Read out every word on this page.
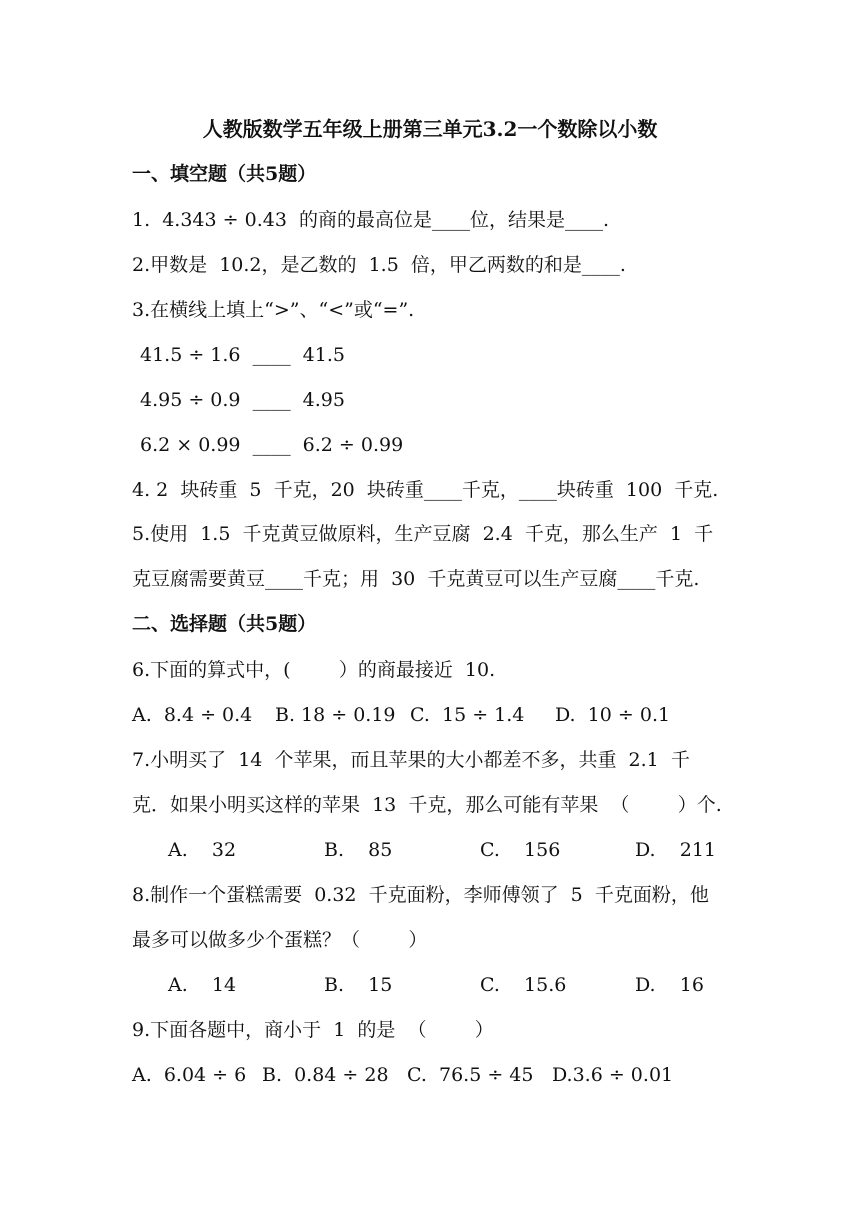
人教版数学五年级上册第三单元3.2一个数除以小数
一、填空题（共5题）
1.  4.343 ÷ 0.43  的商的最高位是____位，结果是____.
2.甲数是  10.2，是乙数的  1.5  倍，甲乙两数的和是____.
3.在横线上填上“>”、“<”或“=”.
41.5 ÷ 1.6  ____  41.5
4.95 ÷ 0.9  ____  4.95
6.2 × 0.99  ____  6.2 ÷ 0.99
4. 2  块砖重  5  千克，20  块砖重____千克，____块砖重  100  千克.
5.使用  1.5  千克黄豆做原料，生产豆腐  2.4  千克，那么生产  1  千
克豆腐需要黄豆____千克；用  30  千克黄豆可以生产豆腐____千克.
二、选择题（共5题）
6.下面的算式中，(        ）的商最接近  10.
A.  8.4 ÷ 0.4 B. 18 ÷ 0.19 C.  15 ÷ 1.4 D.  10 ÷ 0.1
7.小明买了  14  个苹果，而且苹果的大小都差不多，共重  2.1  千
克．如果小明买这样的苹果  13  千克，那么可能有苹果  （        ）个.
A.    32	B.    85	C.    156	D.    211
8.制作一个蛋糕需要  0.32  千克面粉，李师傅领了  5  千克面粉，他
最多可以做多少个蛋糕？（        ）
A.    14	B.    15	C.    15.6	D.    16
9.下面各题中，商小于  1  的是  （        ）
A.  6.04 ÷ 6 B.  0.84 ÷ 28 C.  76.5 ÷ 45 D.3.6 ÷ 0.01
